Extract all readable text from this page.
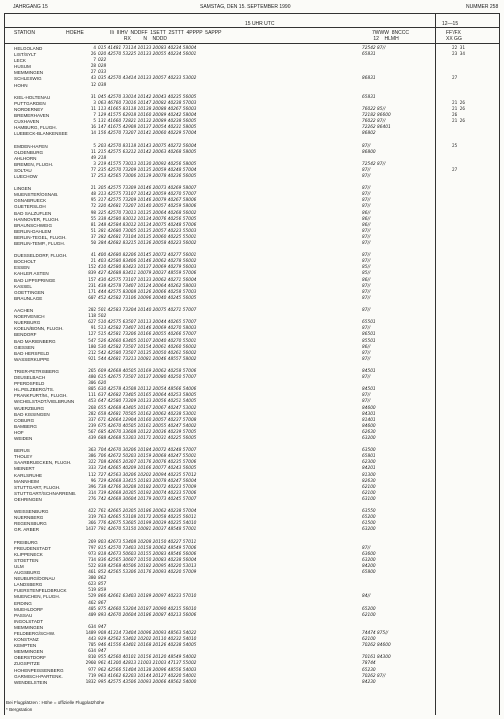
JAHRGANG 15	SAMSTAG, DEN 15. SEPTEMBER 1990	NUMMER 258
15 UHR UTC	12—15
STATION	HOEHE	IIi  IIIHV  NDDFF  1SETT  2STTT  4PPPP  5APPP
RX         N    NDDD
7WWW  8NCCC
12    HLMH
FF'/FX
XX GG
HELGOLAND	4 015 41481 73114 10133 20083 40234 58004	72542 87//	22 31
LIST/SYLT	26 020 42570 53225 10133 20055 40234 56001	65831	23 34
LECK	7 022
HUSUM	28 028
MEMMINGEN	27 033
SCHLESWIG	43 035 42570 43414 10133 20057 40233 53002	86831	27
HOHN	12 038
KIEL-HOLTENAU	31 045 42570 33014 10142 20043 40235 56005	65831
PUTTGARDEN	3 063 46760 73016 10147 20082 40238 57003	21 26
NORDERNEY	11 113 41665 83118 10138 20088 40267 56003	76022 85//	21 26
BREMERHAVEN	7 129 41575 62918 10160 20089 40242 58004	72182 86600	26
CUXHAVEN	5 131 41660 72821 10132 20089 40238 56005	76022 87//	21 26
HAMBURG, FLUGH.	16 147 41675 42908 10137 20054 40231 58005	72262 86401
LUEBECK-BLANKENSEE	14 156 42570 73207 10141 20060 40229 57004	86802
EMDEN-HAFEN	5 203 42570 83118 10143 20075 40272 56004	87//	25
OLDENBURG	11 215 42575 63212 10142 20063 40268 58005	86800
AHLHORN	49 218
BREMEN, FLUGH.	3 219 41575 73013 10130 20092 40256 58005	72542 87//
SOLTAU	77 235 42570 73209 10135 20059 40248 57004	87//	27
LUECHOW	17 253 42565 73006 10139 20078 40236 56005	87//
LINGEN	21 305 42575 73309 10146 20073 40269 58007	87//
MUENSTER/OSNAB.	48 313 42575 73107 10142 20059 40270 57007	87//
OSNABRUECK	95 317 42575 73209 10146 20079 40267 58006	87//
GUETERSLOH	72 320 42681 73207 10140 20057 40259 58006	87//
BAD SALZUFLEN	98 325 42570 73013 10135 20064 40268 56002	86//
HANNOVER, FLUGH.	55 338 42580 83012 10134 20076 40256 57005	86//
BRAUNSCHWEIG	81 348 42584 83012 10134 20075 40248 57006	86//
BERLIN-DAHLEM	51 381 42680 73005 10135 20057 40223 55003	87//
BERLIN-TEGEL, FLUGH.	37 382 42681 73104 10135 20060 40225 55001	87//
BERLIN-TEMP., FLUGH.	50 384 42682 83215 10136 20058 40223 56002	87//
DUESSELDORF, FLUGH.	41 400 42680 82206 10145 20072 40277 56001	87//
BOCHOLT	21 403 42580 83406 10146 20062 40278 56002	87//
ESSEN	152 410 42580 83423 10137 20069 40279 56003	85//
KAHLER ASTEN	839 427 42688 83411 10079 20037 48559 57006	85//
BAD LIPPSPRINGE	157 430 42575 73107 10133 20062 40271 56004	86//
KASSEL	231 438 42578 73407 10124 20064 40262 58003	87//
GOETTINGEN	171 444 42575 83008 10126 20066 40258 57003	87//
BRAUNLAGE	607 452 42582 73106 10096 20040 40245 56005	87//
AACHEN	202 501 42583 73204 10140 20075 40271 57007	87//
NOERVENICH	118 502
NUERBURG	627 510 42575 63507 10113 20044 40265 57007	65501
KOELN/BONN, FLUGH.	91 513 42582 73407 10146 20069 40270 58003	87//
BENDORF	127 515 42581 73206 10166 20055 40266 57007	86501
BAD MARIENBERG	547 526 42660 63405 10107 20040 40270 55001	85501
GIESSEN	180 530 42582 73507 10154 20061 40260 56002	86//
BAD HERSFELD	212 542 42580 73507 10135 20050 40261 56002	87//
WASSERKUPPE	921 544 42681 73213 10081 20046 48557 58002	87//
TRIER-PETRISBERG	265 609 42668 40505 10169 20062 40258 57006	84501
DEUSELBACH	480 615 42675 73507 10137 20080 40250 57007	87//
PFERDSFELD	306 620
HL.PELZBERG/TS.	805 630 42578 43508 10112 20054 48566 54006	84501
FRANKFURT/M., FLUGH.	111 637 42682 73405 10165 20064 40253 58005	87//
WICHELSTADT/VIELBRUNN	453 647 42580 73309 10133 20056 40251 54005	87//
WUERZBURG	268 655 42668 43405 10167 20067 40247 53002	84600
BAD KISSINGEN	282 658 42681 70505 10162 20062 40238 53001	84301
COBURG	337 671 42664 12904 10160 20057 40237 57008	81401
BAMBERG	239 675 42670 40505 10161 20055 40247 54002	84600
HOF	567 685 42670 33608 10122 20036 40239 57005	62630
WEIDEN	439 688 42668 53303 10171 20031 40225 56005	63200
BERUS	363 704 42670 30206 10184 20072 40248 57007	63500
THOLEY	386 706 42672 50203 10159 20068 40247 55001	65801
SAARBRUECKEN, FLUGH.	322 708 42665 20307 10176 20076 40235 57006	62300
MEINERT	333 724 42665 40209 10166 20077 40243 56005	84201
KARLSRUHE	112 727 42563 30206 10202 20094 40235 57012	81300
MANNHEIM	96 729 42668 33415 10183 20078 40247 56004	82630
STUTTGART, FLUGH.	396 738 42766 30208 10182 20072 40223 57009	62100
STUTTGART/SCHNARRENB.	314 739 42668 20305 10192 20074 40233 57006	62100
OEHRINGEN	276 742 42668 30604 10179 20073 40245 57007	63100
WEISSENBURG	422 761 42665 20305 10186 20062 40238 57004	63550
NUERNBERG	319 763 42665 53108 10172 20058 40235 56011	65200
REGENSBURG	366 776 42675 53605 10199 20039 40235 54010	61500
GR. ARBER	1437 791 42670 53150 10081 20037 48548 57001	63200
FREIBURG	269 803 42673 53408 10208 20150 40227 57011
FREUDENSTADT	797 815 42570 73403 10158 20062 48549 57006	87//
KLIPPENECK	973 818 42673 50603 10155 20083 48546 56006	63600
STOETTEN	734 836 42565 30607 10150 20083 40238 56004	63200
ULM	522 838 42568 40506 10182 20095 40220 53013	84200
AUGSBURG	461 852 42565 53306 10176 20093 40220 57009	65800
NEUBURG/DONAU	380 862
LANDSBERG	623 857
FUERSTENFELDBRUCK	519 859
MUENCHEN, FLUGH.	529 866 42661 63403 10189 20097 40233 57010	84//
ERDING	462 867
MUEHLDORF	405 875 42660 53204 10187 20090 40215 56010	65200
PASSAU	409 893 42670 20604 10186 20087 40213 56006	62100
INGOLSTADT
MEMMINGEN	634 947
FELDBERG/SCHW.	1489 908 41314 73404 10096 20093 48563 54022	74474 875//
KONSTANZ	443 929 42562 53402 10202 20110 40232 54010	62100
KEMPTEN	705 946 41556 43401 10168 20126 40238 54005	70262 84600
MEMMINGEN	634 947
OBERSTDORF	810 955 42560 40101 10156 20120 48549 54002	70161 84300
ZUGSPITZE	2960 961 41300 42813 11003 21003 47137 55002	78744
HOHENPEISSENBERG	977 962 42566 51404 10138 20096 48556 54003	65230
GARMISCH-PARTENK.	719 963 41662 62203 10144 20127 40220 54001	70262 87//
WENDELSTEIN	1832 995 42575 43506 10093 20066 48562 54000	84230
Bei Flugplätzen : Höhe = offizielle Flugplatzhöhe
* Bergstation
